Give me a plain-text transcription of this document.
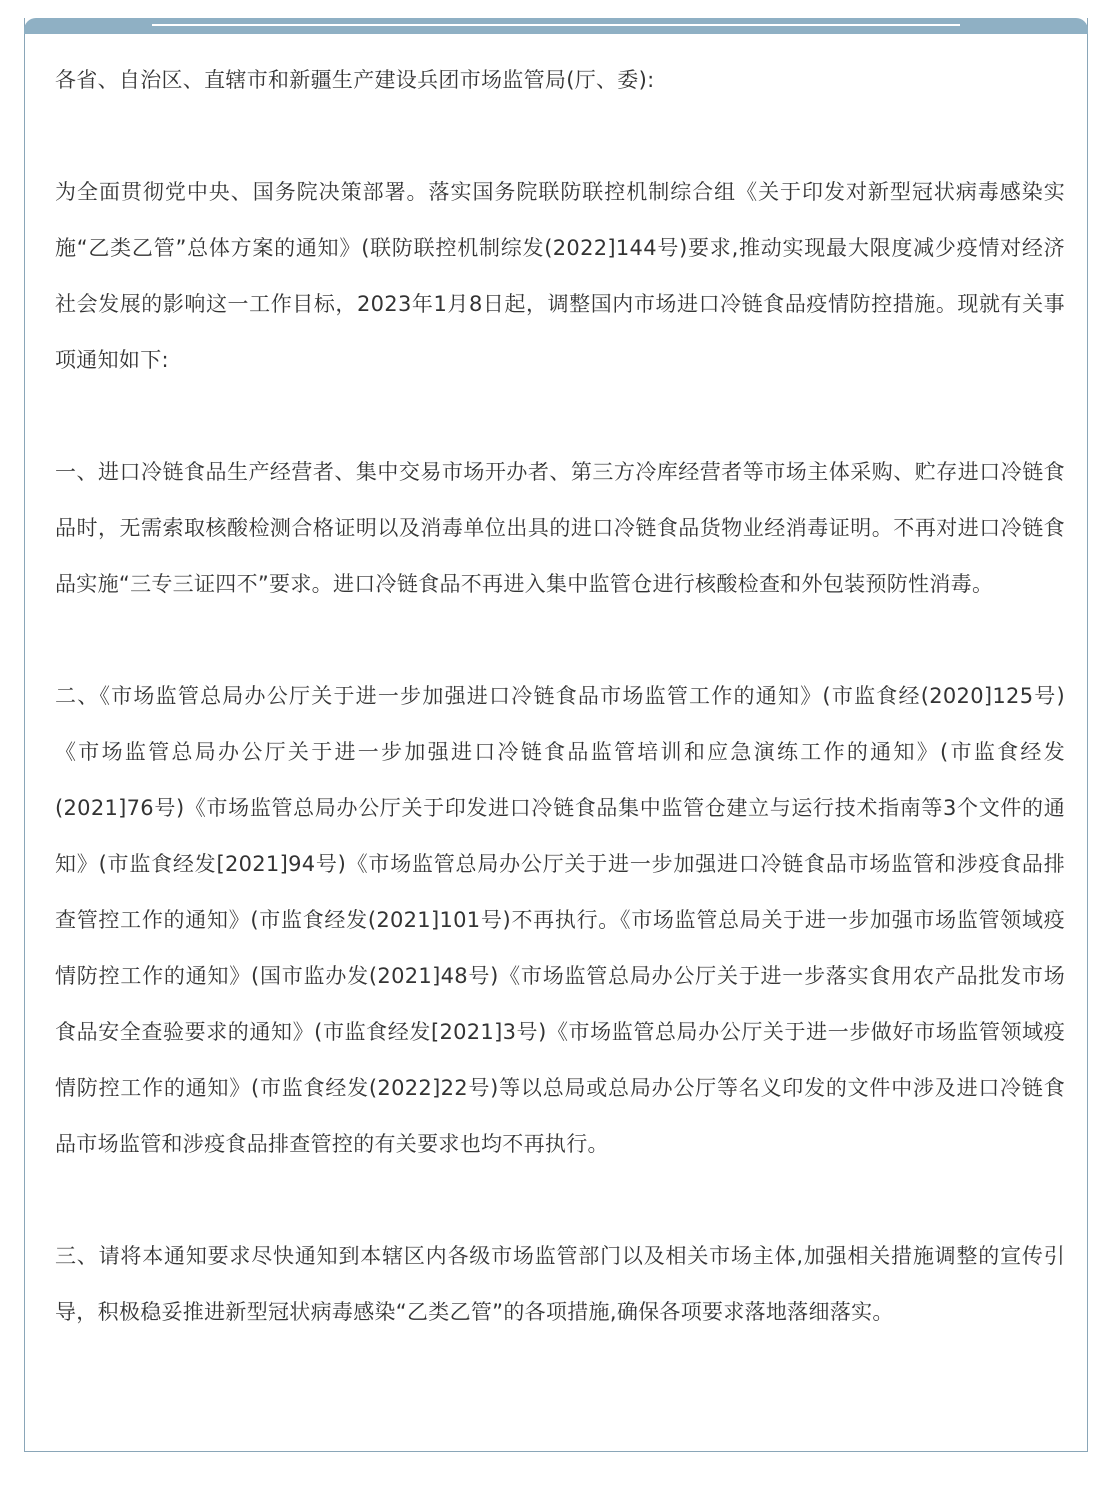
各省、自治区、直辖市和新疆生产建设兵团市场监管局(厅、委):

为全面贯彻党中央、国务院决策部署。落实国务院联防联控机制综合组《关于印发对新型冠状病毒感染实施“乙类乙管”总体方案的通知》(联防联控机制综发(2022]144号)要求,推动实现最大限度减少疫情对经济社会发展的影响这一工作目标，2023年1月8日起，调整国内市场进口冷链食品疫情防控措施。现就有关事项通知如下:

一、进口冷链食品生产经营者、集中交易市场开办者、第三方冷库经营者等市场主体采购、贮存进口冷链食品时，无需索取核酸检测合格证明以及消毒单位出具的进口冷链食品货物业经消毒证明。不再对进口冷链食品实施“三专三证四不”要求。进口冷链食品不再进入集中监管仓进行核酸检查和外包装预防性消毒。

二、《市场监管总局办公厅关于进一步加强进口冷链食品市场监管工作的通知》(市监食经(2020]125号)《市场监管总局办公厅关于进一步加强进口冷链食品监管培训和应急演练工作的通知》(市监食经发(2021]76号)《市场监管总局办公厅关于印发进口冷链食品集中监管仓建立与运行技术指南等3个文件的通知》(市监食经发[2021]94号)《市场监管总局办公厅关于进一步加强进口冷链食品市场监管和涉疫食品排查管控工作的通知》(市监食经发(2021]101号)不再执行。《市场监管总局关于进一步加强市场监管领域疫情防控工作的通知》(国市监办发(2021]48号)《市场监管总局办公厅关于进一步落实食用农产品批发市场食品安全查验要求的通知》(市监食经发[2021]3号)《市场监管总局办公厅关于进一步做好市场监管领域疫情防控工作的通知》(市监食经发(2022]22号)等以总局或总局办公厅等名义印发的文件中涉及进口冷链食品市场监管和涉疫食品排查管控的有关要求也均不再执行。

三、请将本通知要求尽快通知到本辖区内各级市场监管部门以及相关市场主体,加强相关措施调整的宣传引导，积极稳妥推进新型冠状病毒感染“乙类乙管”的各项措施,确保各项要求落地落细落实。
